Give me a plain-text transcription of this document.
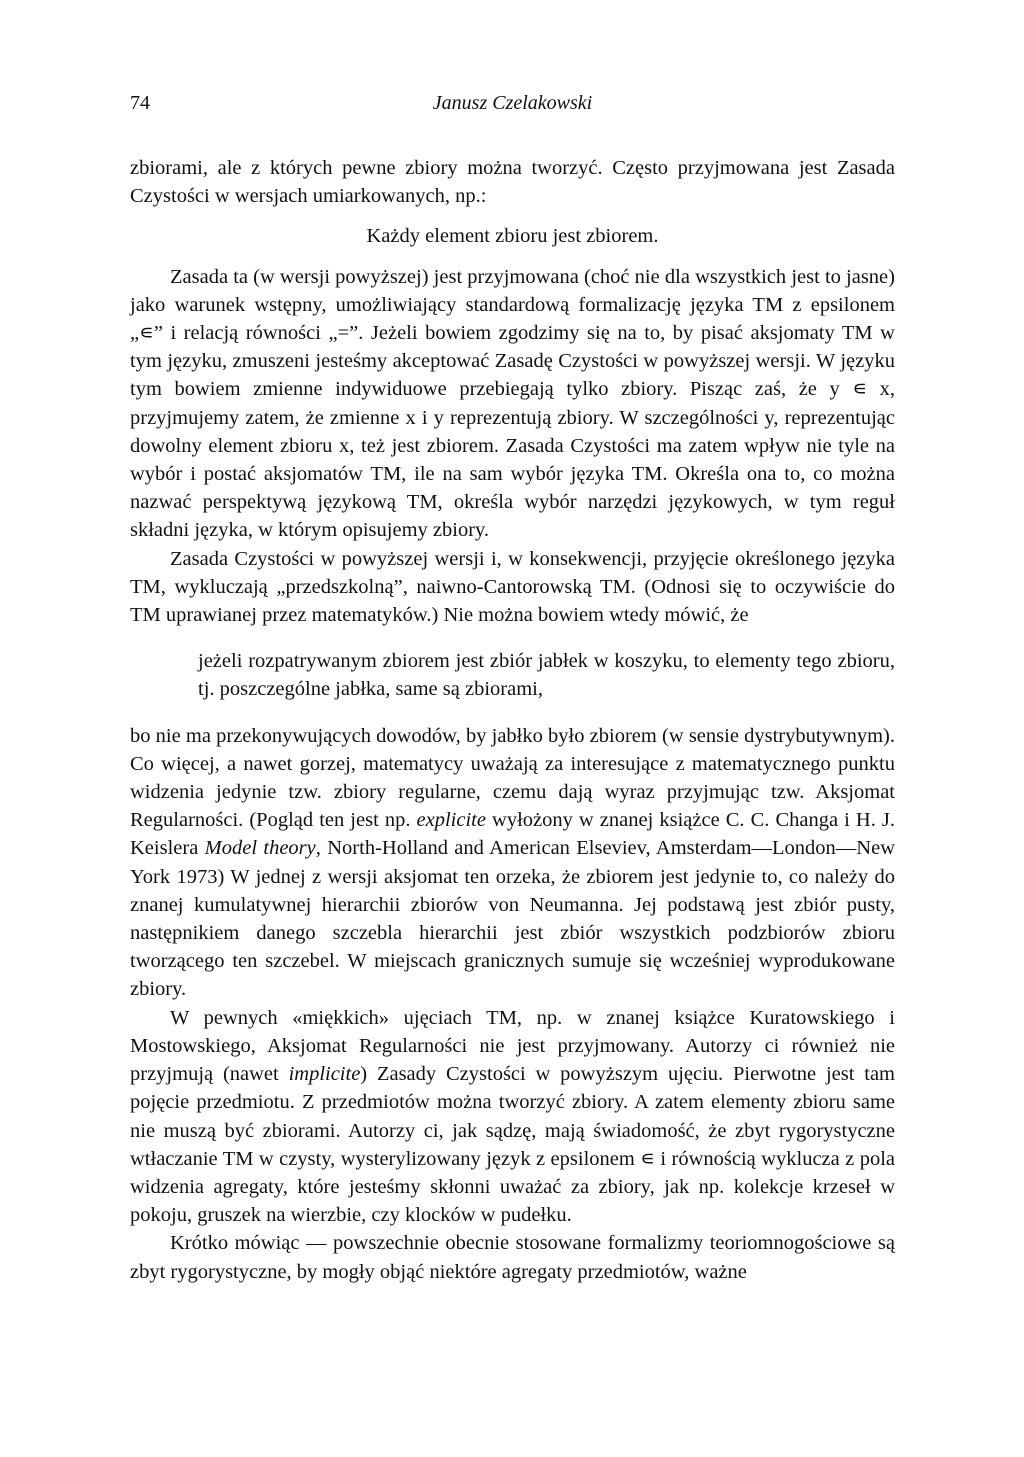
74	Janusz Czelakowski

zbiorami, ale z których pewne zbiory można tworzyć. Często przyjmowana jest Zasada Czystości w wersjach umiarkowanych, np.:

Każdy element zbioru jest zbiorem.

Zasada ta (w wersji powyższej) jest przyjmowana (choć nie dla wszystkich jest to jasne) jako warunek wstępny, umożliwiający standardową formalizację języka TM z epsilonem „∊” i relacją równości „=”. Jeżeli bowiem zgodzimy się na to, by pisać aksjomaty TM w tym języku, zmuszeni jesteśmy akceptować Zasadę Czystości w powyższej wersji. W języku tym bowiem zmienne indywiduowe przebiegają tylko zbiory. Pisząc zaś, że y ∊ x, przyjmujemy zatem, że zmienne x i y reprezentują zbiory. W szczególności y, reprezentując dowolny element zbioru x, też jest zbiorem. Zasada Czystości ma zatem wpływ nie tyle na wybór i postać aksjomatów TM, ile na sam wybór języka TM. Określa ona to, co można nazwać perspektywą językową TM, określa wybór narzędzi językowych, w tym reguł składni języka, w którym opisujemy zbiory.

Zasada Czystości w powyższej wersji i, w konsekwencji, przyjęcie określonego języka TM, wykluczają „przedszkolną”, naiwno-Cantorowską TM. (Odnosi się to oczywiście do TM uprawianej przez matematyków.) Nie można bowiem wtedy mówić, że

jeżeli rozpatrywanym zbiorem jest zbiór jabłek w koszyku, to elementy tego zbioru, tj. poszczególne jabłka, same są zbiorami,

bo nie ma przekonywujących dowodów, by jabłko było zbiorem (w sensie dystrybutywnym). Co więcej, a nawet gorzej, matematycy uważają za interesujące z matematycznego punktu widzenia jedynie tzw. zbiory regularne, czemu dają wyraz przyjmując tzw. Aksjomat Regularności. (Pogląd ten jest np. explicite wyłożony w znanej książce C. C. Changa i H. J. Keislera Model theory, North-Holland and American Elseviev, Amsterdam—London—New York 1973) W jednej z wersji aksjomat ten orzeka, że zbiorem jest jedynie to, co należy do znanej kumulatywnej hierarchii zbiorów von Neumanna. Jej podstawą jest zbiór pusty, następnikiem danego szczebla hierarchii jest zbiór wszystkich podzbiorów zbioru tworzącego ten szczebel. W miejscach granicznych sumuje się wcześniej wyprodukowane zbiory.

W pewnych «miękkich» ujęciach TM, np. w znanej książce Kuratowskiego i Mostowskiego, Aksjomat Regularności nie jest przyjmowany. Autorzy ci również nie przyjmują (nawet implicite) Zasady Czystości w powyższym ujęciu. Pierwotne jest tam pojęcie przedmiotu. Z przedmiotów można tworzyć zbiory. A zatem elementy zbioru same nie muszą być zbiorami. Autorzy ci, jak sądzę, mają świadomość, że zbyt rygorystyczne wtłaczanie TM w czysty, wysterylizowany język z epsilonem ∊ i równością wyklucza z pola widzenia agregaty, które jesteśmy skłonni uważać za zbiory, jak np. kolekcje krzeseł w pokoju, gruszek na wierzbie, czy klocków w pudełku.

Krótko mówiąc — powszechnie obecnie stosowane formalizmy teoriomnogościowe są zbyt rygorystyczne, by mogły objąć niektóre agregaty przedmiotów, ważne
